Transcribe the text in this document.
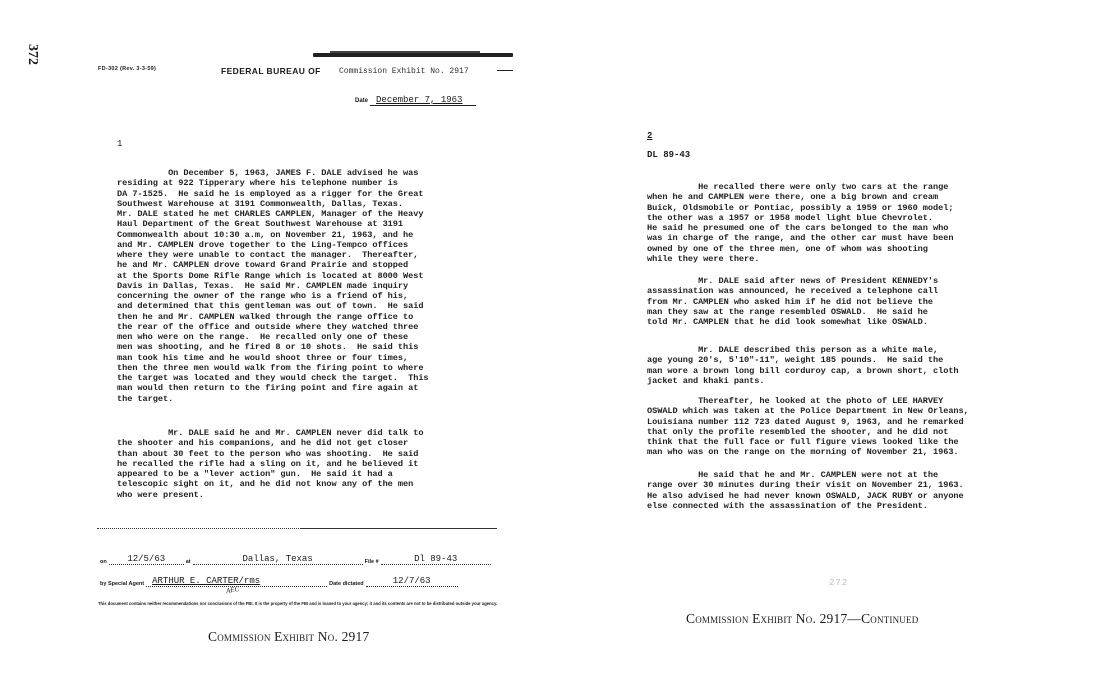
372
FD-302 (Rev. 3-3-59)	FEDERAL BUREAU OF Commission Exhibit No. 2917
Date December 7, 1963
1
On December 5, 1963, JAMES F. DALE advised he was
residing at 922 Tipperary where his telephone number is
DA 7-1525.  He said he is employed as a rigger for the Great
Southwest Warehouse at 3191 Commonwealth, Dallas, Texas.
Mr. DALE stated he met CHARLES CAMPLEN, Manager of the Heavy
Haul Department of the Great Southwest Warehouse at 3191
Commonwealth about 10:30 a.m, on November 21, 1963, and he
and Mr. CAMPLEN drove together to the Ling-Tempco offices
where they were unable to contact the manager.  Thereafter,
he and Mr. CAMPLEN drove toward Grand Prairie and stopped
at the Sports Dome Rifle Range which is located at 8000 West
Davis in Dallas, Texas.  He said Mr. CAMPLEN made inquiry
concerning the owner of the range who is a friend of his,
and determined that this gentleman was out of town.  He said
then he and Mr. CAMPLEN walked through the range office to
the rear of the office and outside where they watched three
men who were on the range.  He recalled only one of these
men was shooting, and he fired 8 or 10 shots.  He said this
man took his time and he would shoot three or four times,
then the three men would walk from the firing point to where
the target was located and they would check the target.  This
man would then return to the firing point and fire again at
the target.
Mr. DALE said he and Mr. CAMPLEN never did talk to
the shooter and his companions, and he did not get closer
than about 30 feet to the person who was shooting.  He said
he recalled the rifle had a sling on it, and he believed it
appeared to be a "lever action" gun.  He said it had a
telescopic sight on it, and he did not know any of the men
who were present.
on	12/5/63	at	Dallas, Texas	File #	Dl 89-43
by Special Agent ARTHUR E. CARTER/rms	Date dictated	12/7/63
AEC
This document contains neither recommendations nor conclusions of the FBI. It is the property of the FBI and is loaned to your agency; it and its contents are not to be distributed outside your agency.
Commission Exhibit No. 2917
2
DL 89-43
He recalled there were only two cars at the range
when he and CAMPLEN were there, one a big brown and cream
Buick, Oldsmobile or Pontiac, possibly a 1959 or 1960 model;
the other was a 1957 or 1958 model light blue Chevrolet.
He said he presumed one of the cars belonged to the man who
was in charge of the range, and the other car must have been
owned by one of the three men, one of whom was shooting
while they were there.
Mr. DALE said after news of President KENNEDY's
assassination was announced, he received a telephone call
from Mr. CAMPLEN who asked him if he did not believe the
man they saw at the range resembled OSWALD.  He said he
told Mr. CAMPLEN that he did look somewhat like OSWALD.
Mr. DALE described this person as a white male,
age young 20's, 5'10"-11", weight 185 pounds.  He said the
man wore a brown long bill corduroy cap, a brown short, cloth
jacket and khaki pants.
Thereafter, he looked at the photo of LEE HARVEY
OSWALD which was taken at the Police Department in New Orleans,
Louisiana number 112 723 dated August 9, 1963, and he remarked
that only the profile resembled the shooter, and he did not
think that the full face or full figure views looked like the
man who was on the range on the morning of November 21, 1963.
He said that he and Mr. CAMPLEN were not at the
range over 30 minutes during their visit on November 21, 1963.
He also advised he had never known OSWALD, JACK RUBY or anyone
else connected with the assassination of the President.
272
Commission Exhibit No. 2917—Continued
